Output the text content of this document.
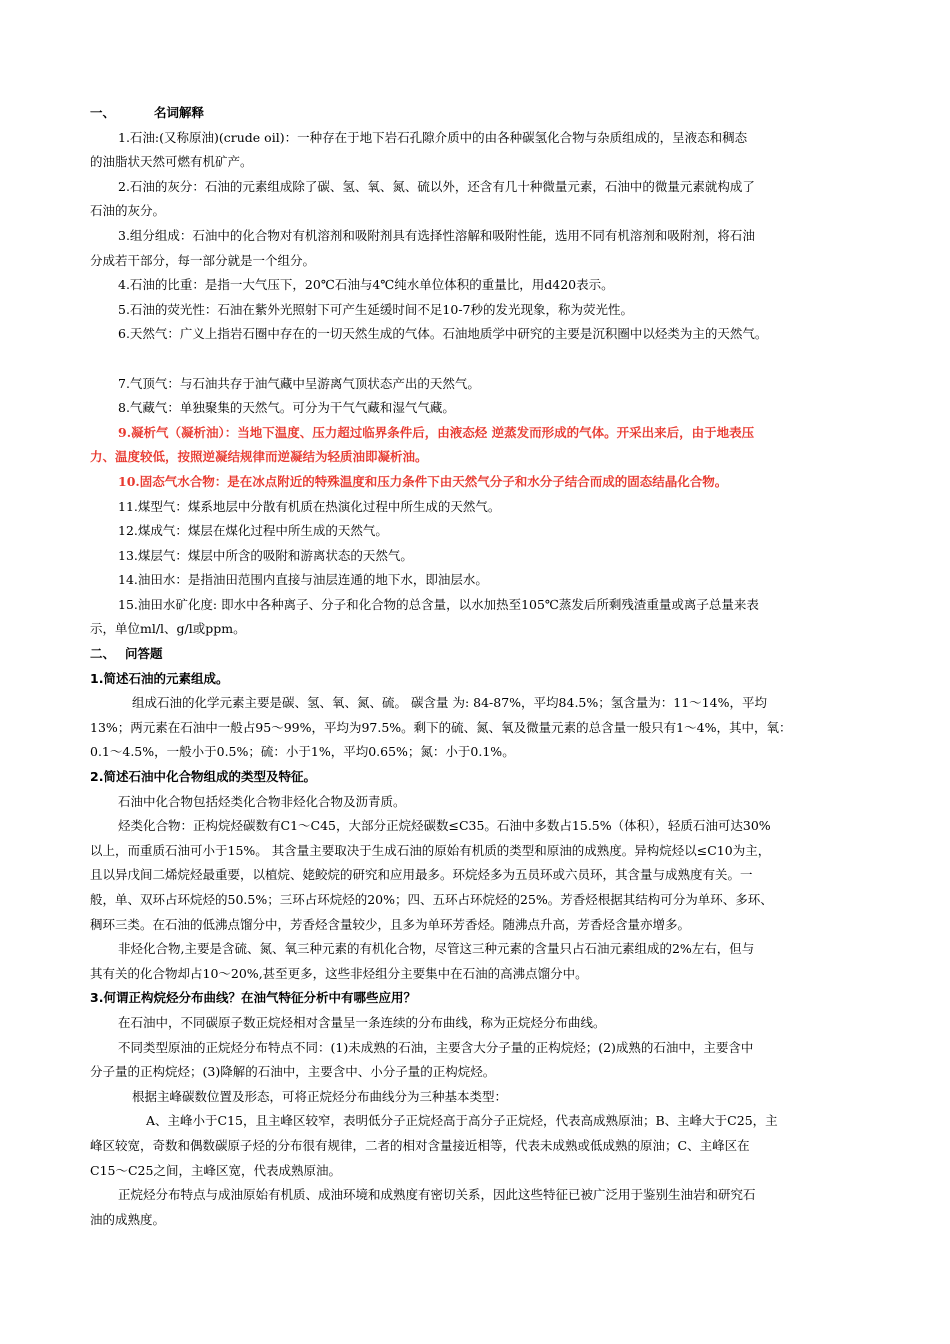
一、	名词解释
1.石油:(又称原油)(crude oil)：一种存在于地下岩石孔隙介质中的由各种碳氢化合物与杂质组成的，呈液态和稠态
的油脂状天然可燃有机矿产。
2.石油的灰分：石油的元素组成除了碳、氢、氧、氮、硫以外，还含有几十种微量元素，石油中的微量元素就构成了
石油的灰分。
3.组分组成：石油中的化合物对有机溶剂和吸附剂具有选择性溶解和吸附性能，选用不同有机溶剂和吸附剂，将石油
分成若干部分，每一部分就是一个组分。
4.石油的比重：是指一大气压下，20℃石油与4℃纯水单位体积的重量比，用d420表示。
5.石油的荧光性：石油在紫外光照射下可产生延缓时间不足10-7秒的发光现象，称为荧光性。
6.天然气：广义上指岩石圈中存在的一切天然生成的气体。石油地质学中研究的主要是沉积圈中以烃类为主的天然气。
7.气顶气：与石油共存于油气藏中呈游离气顶状态产出的天然气。
8.气藏气：单独聚集的天然气。可分为干气气藏和湿气气藏。
9.凝析气（凝析油）：当地下温度、压力超过临界条件后，由液态烃 逆蒸发而形成的气体。开采出来后，由于地表压
力、温度较低，按照逆凝结规律而逆凝结为轻质油即凝析油。
10.固态气水合物：是在冰点附近的特殊温度和压力条件下由天然气分子和水分子结合而成的固态结晶化合物。
11.煤型气：煤系地层中分散有机质在热演化过程中所生成的天然气。
12.煤成气：煤层在煤化过程中所生成的天然气。
13.煤层气：煤层中所含的吸附和游离状态的天然气。
14.油田水：是指油田范围内直接与油层连通的地下水，即油层水。
15.油田水矿化度: 即水中各种离子、分子和化合物的总含量，以水加热至105℃蒸发后所剩残渣重量或离子总量来表
示，单位ml/l、g/l或ppm。
二、 问答题
1.简述石油的元素组成。
组成石油的化学元素主要是碳、氢、氧、氮、硫。 碳含量 为: 84-87%，平均84.5%；氢含量为：11～14%，平均
13%；两元素在石油中一般占95～99%，平均为97.5%。剩下的硫、氮、氧及微量元素的总含量一般只有1～4%，其中，氧：
0.1～4.5%，一般小于0.5%；硫：小于1%，平均0.65%；氮：小于0.1%。
2.简述石油中化合物组成的类型及特征。
石油中化合物包括烃类化合物非烃化合物及沥青质。
烃类化合物：正构烷烃碳数有C1～C45，大部分正烷烃碳数≤C35。石油中多数占15.5%（体积），轻质石油可达30%
以上，而重质石油可小于15%。 其含量主要取决于生成石油的原始有机质的类型和原油的成熟度。异构烷烃以≤C10为主，
且以异戊间二烯烷烃最重要，以植烷、姥鲛烷的研究和应用最多。环烷烃多为五员环或六员环，其含量与成熟度有关。一
般，单、双环占环烷烃的50.5%；三环占环烷烃的20%；四、五环占环烷烃的25%。芳香烃根据其结构可分为单环、多环、
稠环三类。在石油的低沸点馏分中，芳香烃含量较少，且多为单环芳香烃。随沸点升高，芳香烃含量亦增多。
非烃化合物,主要是含硫、氮、氧三种元素的有机化合物，尽管这三种元素的含量只占石油元素组成的2%左右，但与
其有关的化合物却占10～20%,甚至更多，这些非烃组分主要集中在石油的高沸点馏分中。
3.何谓正构烷烃分布曲线？在油气特征分析中有哪些应用？
在石油中，不同碳原子数正烷烃相对含量呈一条连续的分布曲线，称为正烷烃分布曲线。
不同类型原油的正烷烃分布特点不同：(1)未成熟的石油，主要含大分子量的正构烷烃；(2)成熟的石油中，主要含中
分子量的正构烷烃；(3)降解的石油中，主要含中、小分子量的正构烷烃。
根据主峰碳数位置及形态，可将正烷烃分布曲线分为三种基本类型：
A、主峰小于C15，且主峰区较窄，表明低分子正烷烃高于高分子正烷烃，代表高成熟原油；B、主峰大于C25，主
峰区较宽，奇数和偶数碳原子烃的分布很有规律，二者的相对含量接近相等，代表未成熟或低成熟的原油；C、主峰区在
C15～C25之间，主峰区宽，代表成熟原油。
正烷烃分布特点与成油原始有机质、成油环境和成熟度有密切关系，因此这些特征已被广泛用于鉴别生油岩和研究石
油的成熟度。
